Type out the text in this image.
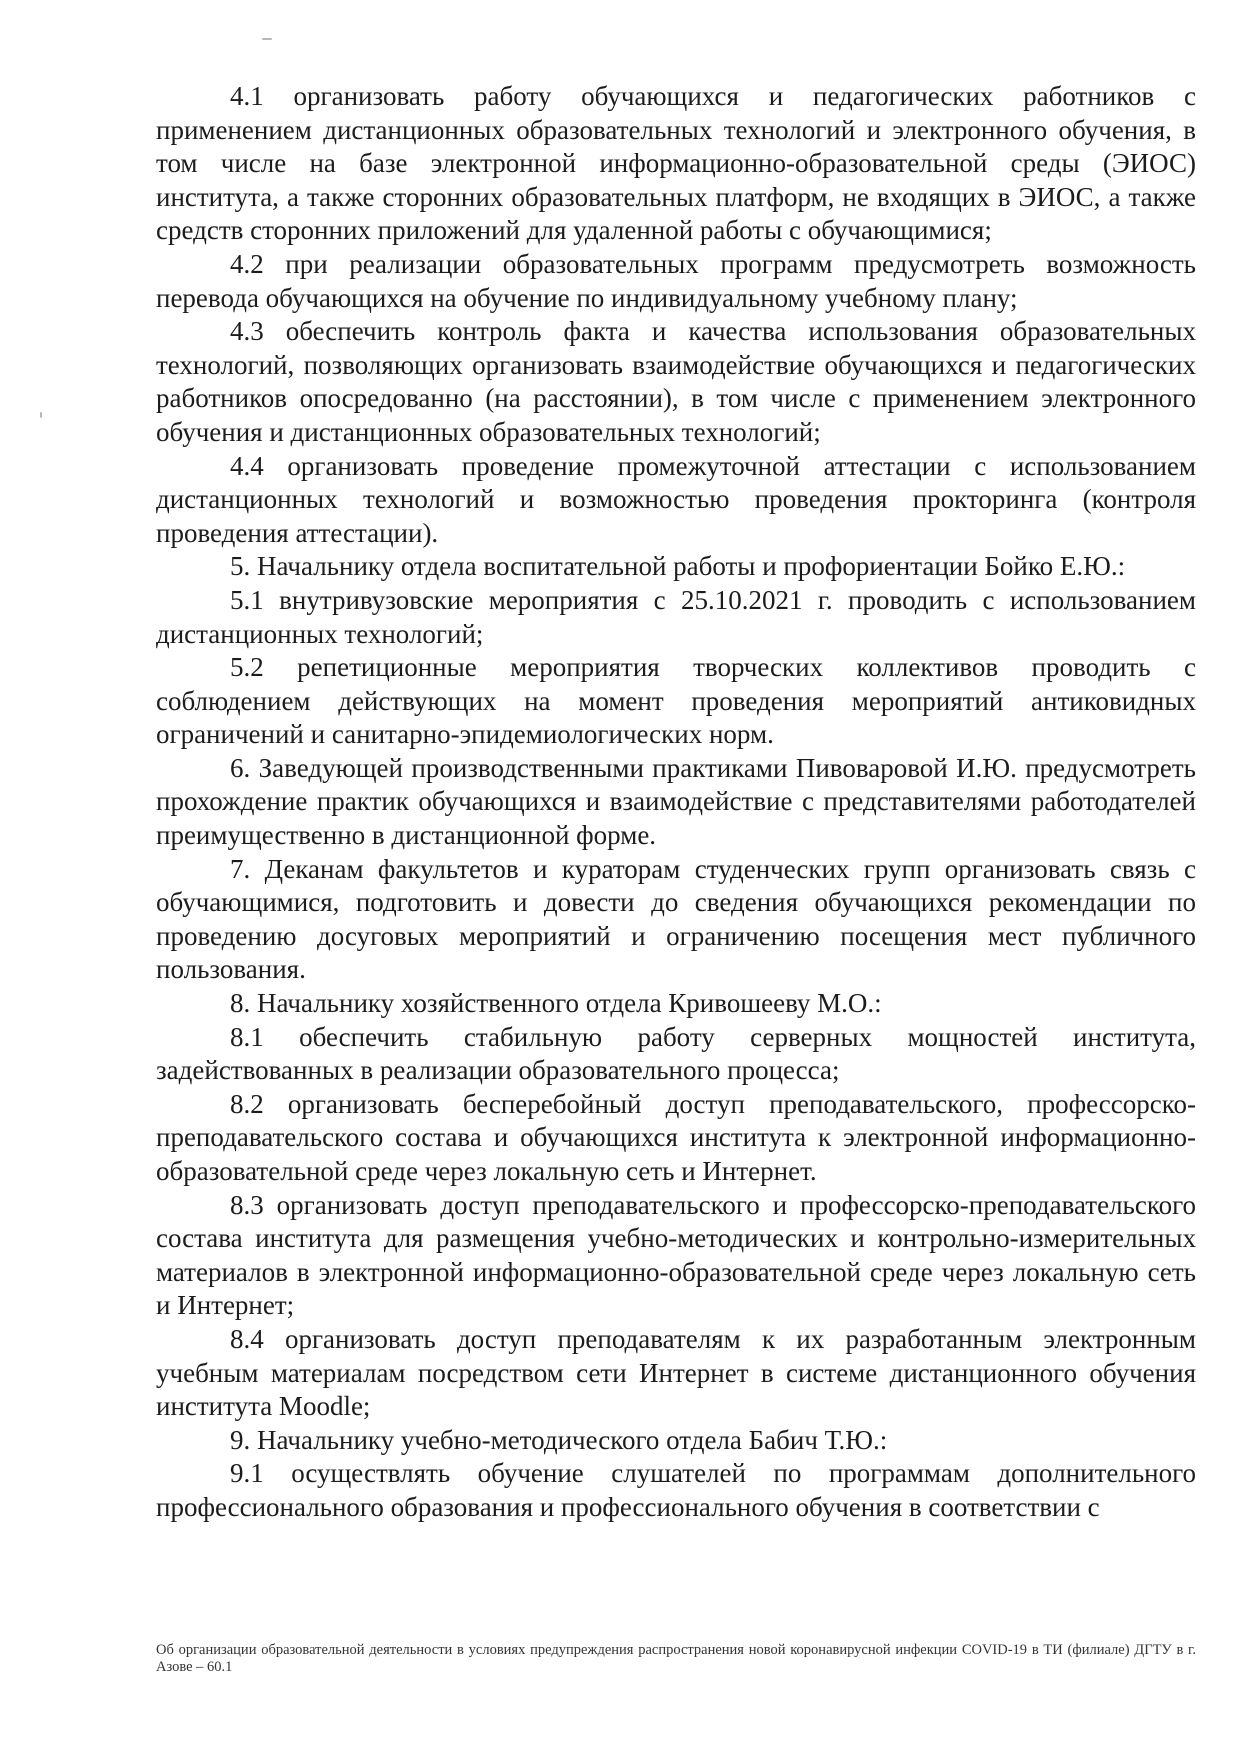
4.1 организовать работу обучающихся и педагогических работников с применением дистанционных образовательных технологий и электронного обучения, в том числе на базе электронной информационно-образовательной среды (ЭИОС) института, а также сторонних образовательных платформ, не входящих в ЭИОС, а также средств сторонних приложений для удаленной работы с обучающимися;

4.2 при реализации образовательных программ предусмотреть возможность перевода обучающихся на обучение по индивидуальному учебному плану;

4.3 обеспечить контроль факта и качества использования образовательных технологий, позволяющих организовать взаимодействие обучающихся и педагогических работников опосредованно (на расстоянии), в том числе с применением электронного обучения и дистанционных образовательных технологий;

4.4 организовать проведение промежуточной аттестации с использованием дистанционных технологий и возможностью проведения прокторинга (контроля проведения аттестации).

5. Начальнику отдела воспитательной работы и профориентации Бойко Е.Ю.:

5.1 внутривузовские мероприятия с 25.10.2021 г. проводить с использованием дистанционных технологий;

5.2 репетиционные мероприятия творческих коллективов проводить с соблюдением действующих на момент проведения мероприятий антиковидных ограничений и санитарно-эпидемиологических норм.

6. Заведующей производственными практиками Пивоваровой И.Ю. предусмотреть прохождение практик обучающихся и взаимодействие с представителями работодателей преимущественно в дистанционной форме.

7. Деканам факультетов и кураторам студенческих групп организовать связь с обучающимися, подготовить и довести до сведения обучающихся рекомендации по проведению досуговых мероприятий и ограничению посещения мест публичного пользования.

8. Начальнику хозяйственного отдела Кривошееву М.О.:

8.1 обеспечить стабильную работу серверных мощностей института, задействованных в реализации образовательного процесса;

8.2 организовать бесперебойный доступ преподавательского, профессорско-преподавательского состава и обучающихся института к электронной информационно-образовательной среде через локальную сеть и Интернет.

8.3 организовать доступ преподавательского и профессорско-преподавательского состава института для размещения учебно-методических и контрольно-измерительных материалов в электронной информационно-образовательной среде через локальную сеть и Интернет;

8.4 организовать доступ преподавателям к их разработанным электронным учебным материалам посредством сети Интернет в системе дистанционного обучения института Moodle;

9. Начальнику учебно-методического отдела Бабич Т.Ю.:

9.1 осуществлять обучение слушателей по программам дополнительного профессионального образования и профессионального обучения в соответствии с

Об организации образовательной деятельности в условиях предупреждения распространения новой коронавирусной инфекции COVID-19 в ТИ (филиале) ДГТУ в г. Азове – 60.1
